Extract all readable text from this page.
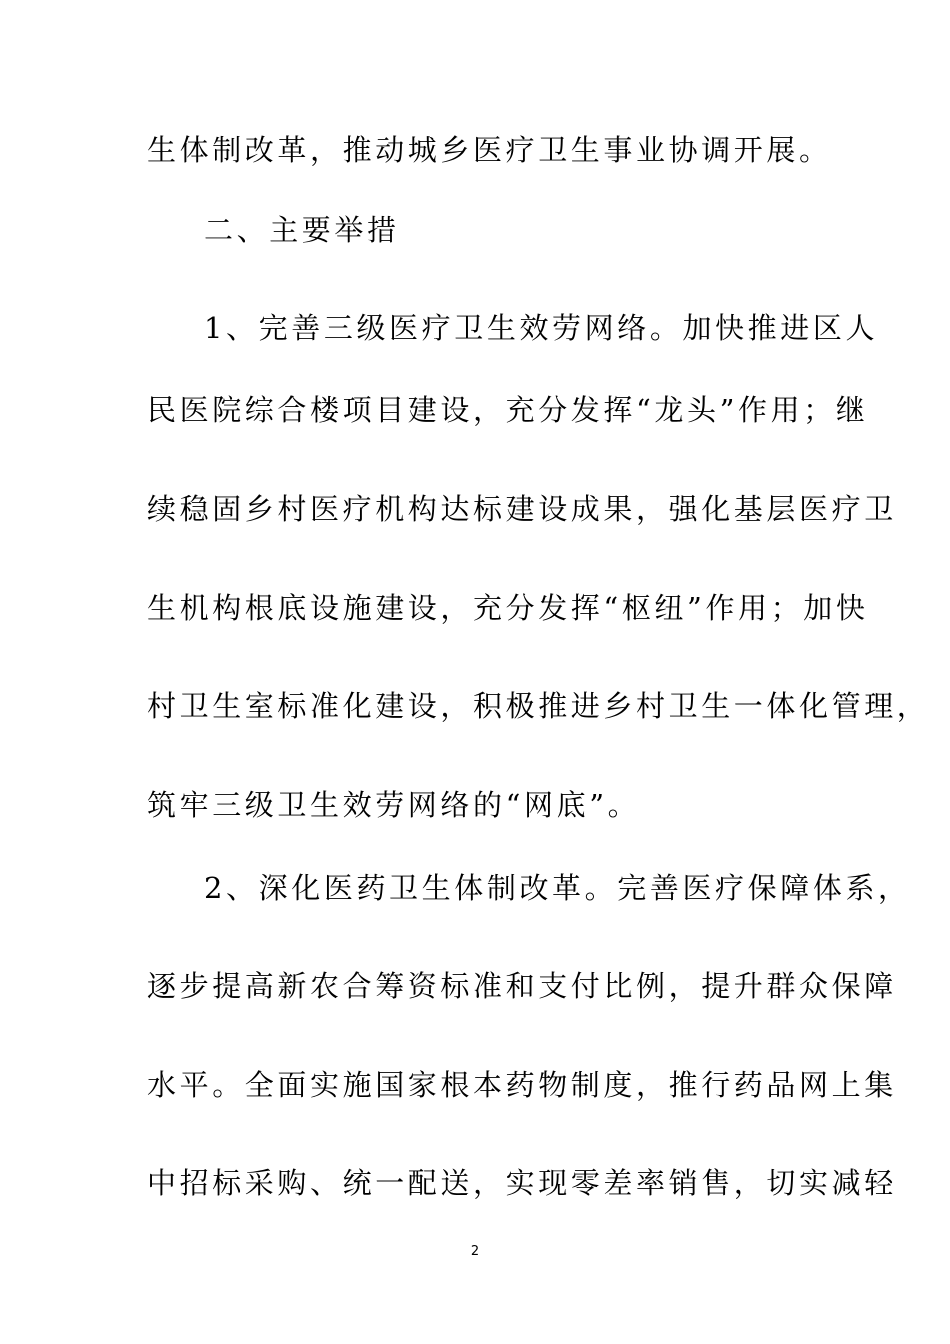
生体制改革，推动城乡医疗卫生事业协调开展。
二、主要举措
1、完善三级医疗卫生效劳网络。加快推进区人
民医院综合楼项目建设，充分发挥“龙头”作用；继
续稳固乡村医疗机构达标建设成果，强化基层医疗卫
生机构根底设施建设，充分发挥“枢纽”作用；加快
村卫生室标准化建设，积极推进乡村卫生一体化管理，
筑牢三级卫生效劳网络的“网底”。
2、深化医药卫生体制改革。完善医疗保障体系，
逐步提高新农合筹资标准和支付比例，提升群众保障
水平。全面实施国家根本药物制度，推行药品网上集
中招标采购、统一配送，实现零差率销售，切实减轻
2
